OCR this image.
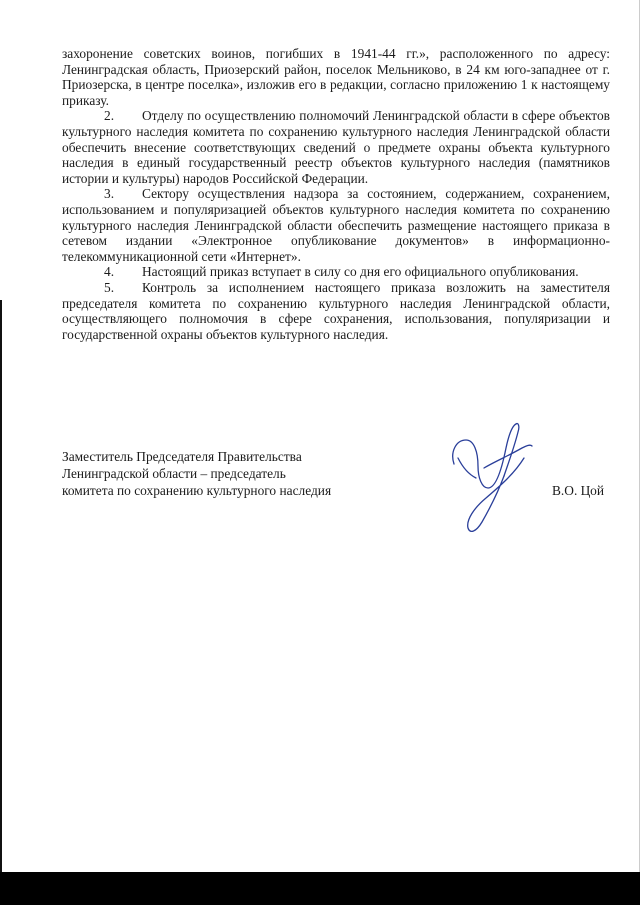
захоронение советских воинов, погибших в 1941-44 гг.», расположенного по адресу: Ленинградская область, Приозерский район, поселок Мельниково, в 24 км юго-западнее от г. Приозерска, в центре поселка», изложив его в редакции, согласно приложению 1 к настоящему приказу.

2. Отделу по осуществлению полномочий Ленинградской области в сфере объектов культурного наследия комитета по сохранению культурного наследия Ленинградской области обеспечить внесение соответствующих сведений о предмете охраны объекта культурного наследия в единый государственный реестр объектов культурного наследия (памятников истории и культуры) народов Российской Федерации.

3. Сектору осуществления надзора за состоянием, содержанием, сохранением, использованием и популяризацией объектов культурного наследия комитета по сохранению культурного наследия Ленинградской области обеспечить размещение настоящего приказа в сетевом издании «Электронное опубликование документов» в информационно-телекоммуникационной сети «Интернет».

4. Настоящий приказ вступает в силу со дня его официального опубликования.

5. Контроль за исполнением настоящего приказа возложить на заместителя председателя комитета по сохранению культурного наследия Ленинградской области, осуществляющего полномочия в сфере сохранения, использования, популяризации и государственной охраны объектов культурного наследия.

Заместитель Председателя Правительства
Ленинградской области – председатель
комитета по сохранению культурного наследия	В.О. Цой
